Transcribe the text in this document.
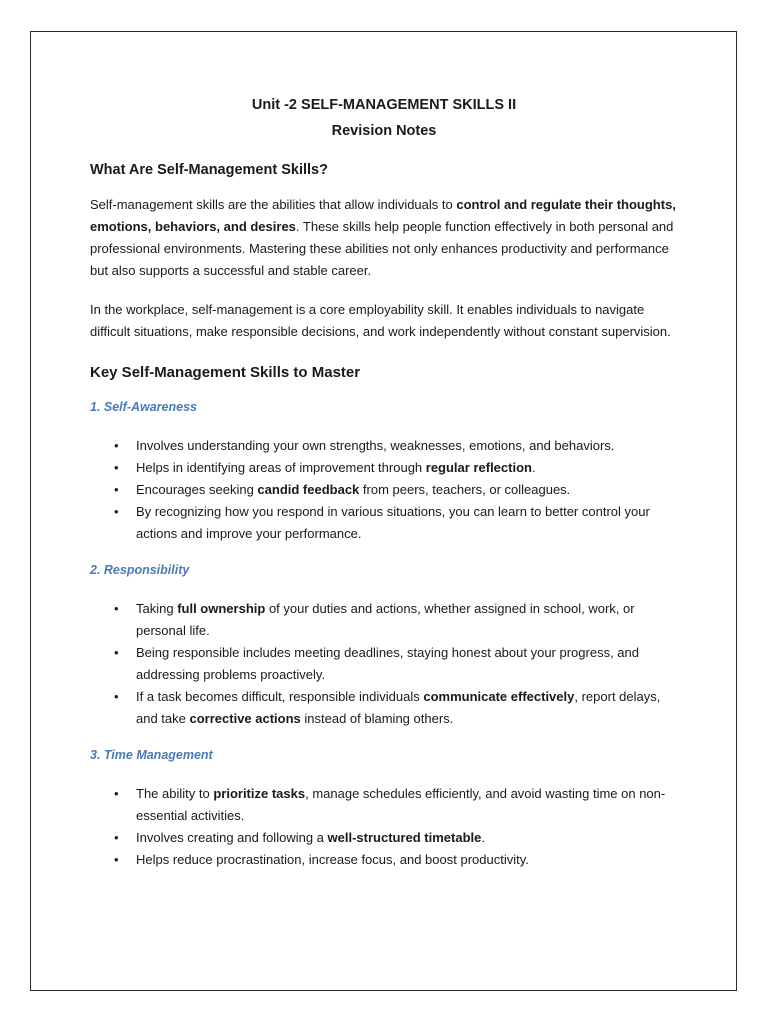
Unit -2 SELF-MANAGEMENT SKILLS II
Revision Notes
What Are Self-Management Skills?

Self-management skills are the abilities that allow individuals to control and regulate their thoughts, emotions, behaviors, and desires. These skills help people function effectively in both personal and professional environments. Mastering these abilities not only enhances productivity and performance but also supports a successful and stable career.

In the workplace, self-management is a core employability skill. It enables individuals to navigate difficult situations, make responsible decisions, and work independently without constant supervision.

Key Self-Management Skills to Master
1. Self-Awareness
• Involves understanding your own strengths, weaknesses, emotions, and behaviors.
• Helps in identifying areas of improvement through regular reflection.
• Encourages seeking candid feedback from peers, teachers, or colleagues.
• By recognizing how you respond in various situations, you can learn to better control your actions and improve your performance.
2. Responsibility
• Taking full ownership of your duties and actions, whether assigned in school, work, or personal life.
• Being responsible includes meeting deadlines, staying honest about your progress, and addressing problems proactively.
• If a task becomes difficult, responsible individuals communicate effectively, report delays, and take corrective actions instead of blaming others.
3. Time Management
• The ability to prioritize tasks, manage schedules efficiently, and avoid wasting time on non-essential activities.
• Involves creating and following a well-structured timetable.
• Helps reduce procrastination, increase focus, and boost productivity.
